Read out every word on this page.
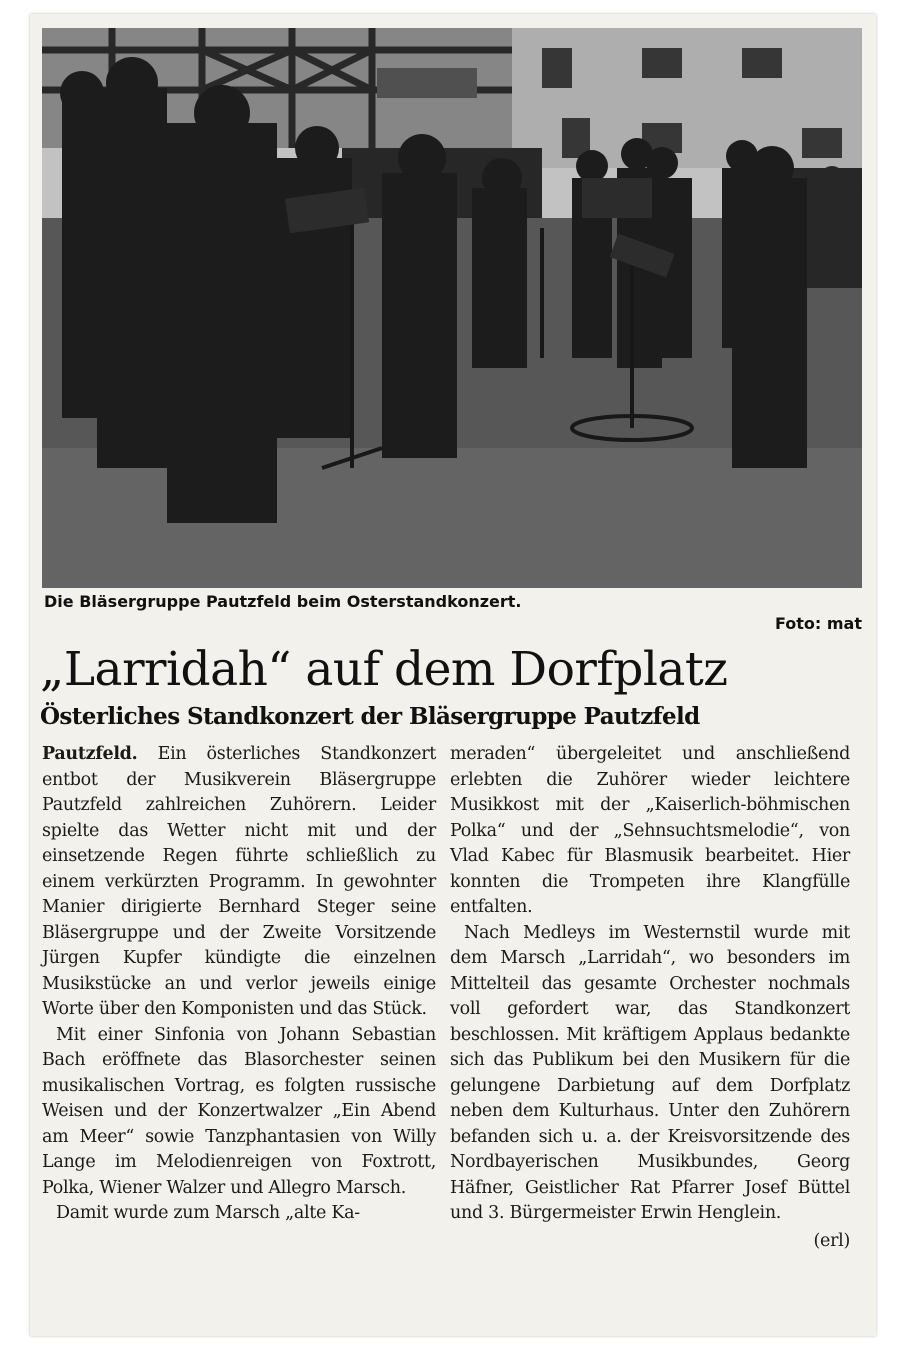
Die Bläsergruppe Pautzfeld beim Osterstandkonzert.
Foto: mat
„Larridah“ auf dem Dorfplatz
Österliches Standkonzert der Bläsergruppe Pautzfeld

Pautzfeld. Ein österliches Standkonzert entbot der Musikverein Bläsergruppe Pautzfeld zahlreichen Zuhörern. Leider spielte das Wetter nicht mit und der einsetzende Regen führte schließlich zu einem verkürzten Programm. In gewohnter Manier dirigierte Bernhard Steger seine Bläsergruppe und der Zweite Vorsitzende Jürgen Kupfer kündigte die einzelnen Musikstücke an und verlor jeweils einige Worte über den Komponisten und das Stück.

Mit einer Sinfonia von Johann Sebastian Bach eröffnete das Blasorchester seinen musikalischen Vortrag, es folgten russische Weisen und der Konzertwalzer „Ein Abend am Meer“ sowie Tanzphantasien von Willy Lange im Melodienreigen von Foxtrott, Polka, Wiener Walzer und Allegro Marsch.

Damit wurde zum Marsch „alte Ka-

meraden“ übergeleitet und anschließend erlebten die Zuhörer wieder leichtere Musikkost mit der „Kaiserlich-böhmischen Polka“ und der „Sehnsuchtsmelodie“, von Vlad Kabec für Blasmusik bearbeitet. Hier konnten die Trompeten ihre Klangfülle entfalten.

Nach Medleys im Westernstil wurde mit dem Marsch „Larridah“, wo besonders im Mittelteil das gesamte Orchester nochmals voll gefordert war, das Standkonzert beschlossen. Mit kräftigem Applaus bedankte sich das Publikum bei den Musikern für die gelungene Darbietung auf dem Dorfplatz neben dem Kulturhaus. Unter den Zuhörern befanden sich u. a. der Kreisvorsitzende des Nordbayerischen Musikbundes, Georg Häfner, Geistlicher Rat Pfarrer Josef Büttel und 3. Bürgermeister Erwin Henglein.

(erl)
